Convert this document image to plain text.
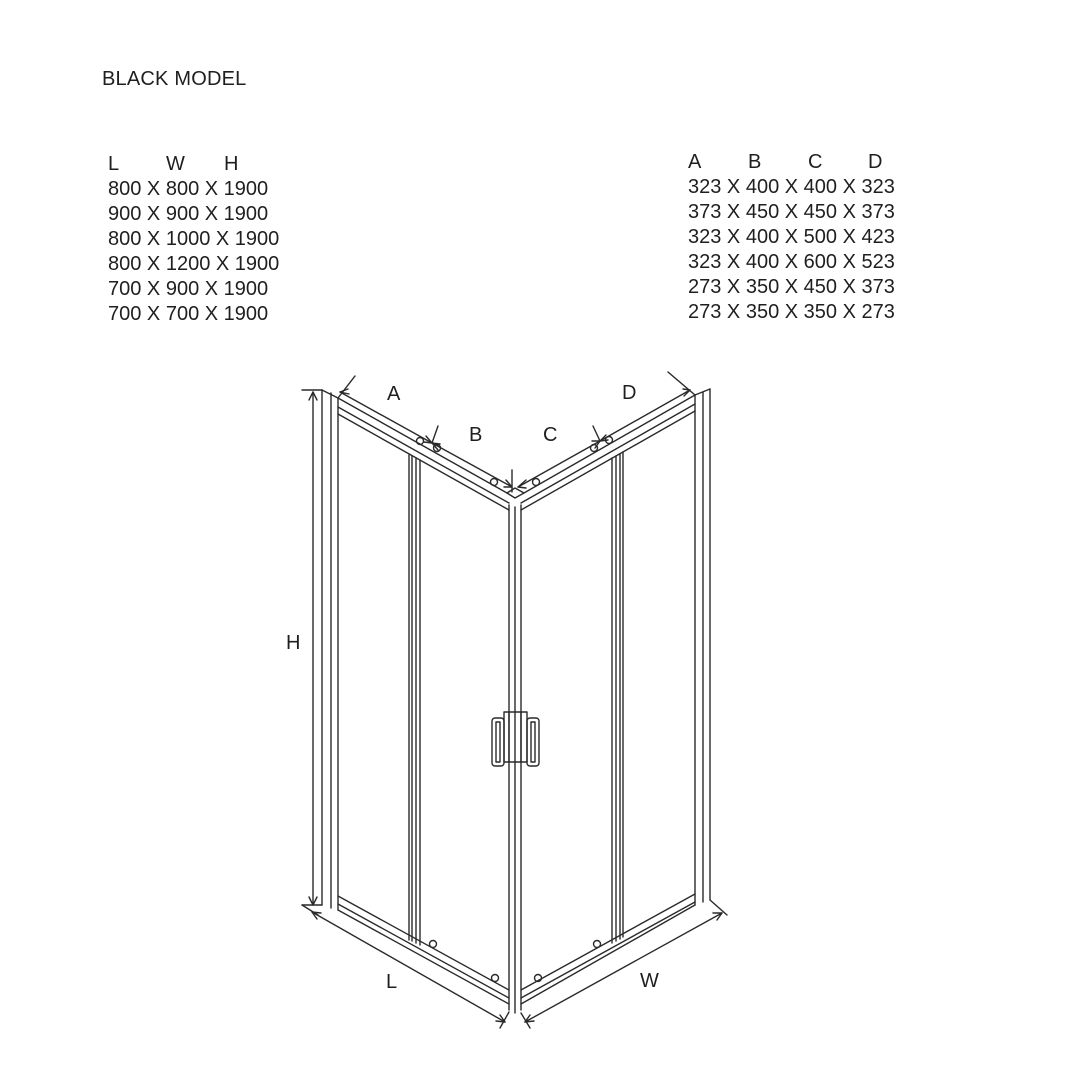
BLACK MODEL
L	W	H
800 X 800 X 1900
900 X 900 X 1900
800 X 1000 X 1900
800 X 1200 X 1900
700 X 900 X 1900
700 X 700 X 1900
A	B	C	D
323 X 400 X 400 X 323
373 X 450 X 450 X 373
323 X 400 X 500 X 423
323 X 400 X 600 X 523
273 X 350 X 450 X 373
273 X 350 X 350 X 273
A
B	C
D
H
L	W
